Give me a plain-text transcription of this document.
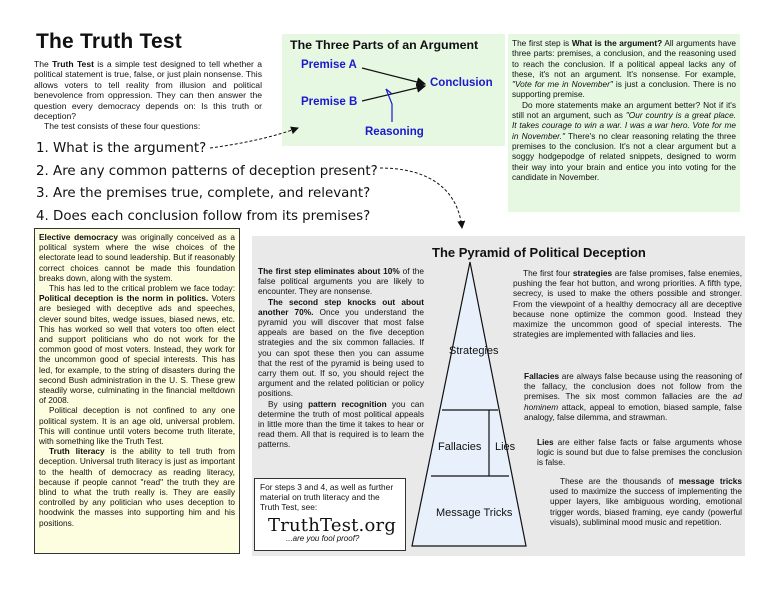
The Truth Test

The Truth Test is a simple test designed to tell whether a political statement is true, false, or just plain nonsense. This allows voters to tell reality from illusion and political benevolence from oppression. They can then answer the question every democracy depends on: Is this truth or deception?

The test consists of these four questions:

1. What is the argument?
2. Are any common patterns of deception present?
3. Are the premises true, complete, and relevant?
4. Does each conclusion follow from its premises?
The Three Parts of an Argument
Premise A
Premise B
Conclusion
Reasoning

The first step is What is the argument? All arguments have three parts: premises, a conclusion, and the reasoning used to reach the conclusion. If a political appeal lacks any of these, it's not an argument. It's nonsense. For example, "Vote for me in November" is just a conclusion. There is no supporting premise.

Do more statements make an argument better? Not if it's still not an argument, such as "Our country is a great place. It takes courage to win a war. I was a war hero. Vote for me in November." There's no clear reasoning relating the three premises to the conclusion. It's not a clear argument but a soggy hodgepodge of related snippets, designed to worm their way into your brain and entice you into voting for the candidate in November.

Elective democracy was originally conceived as a political system where the wise choices of the electorate lead to sound leadership. But if reasonably correct choices cannot be made this foundation breaks down, along with the system.

This has led to the critical problem we face today: Political deception is the norm in politics. Voters are besieged with deceptive ads and speeches, clever sound bites, wedge issues, biased news, etc. This has worked so well that voters too often elect and support politicians who do not work for the common good of most voters. Instead, they work for the uncommon good of special interests. This has led, for example, to the string of disasters during the second Bush administration in the U. S. These grew steadily worse, culminating in the financial meltdown of 2008.

Political deception is not confined to any one political system. It is an age old, universal problem. This will continue until voters become truth literate, with something like the Truth Test.

Truth literacy is the ability to tell truth from deception. Universal truth literacy is just as important to the health of democracy as reading literacy, because if people cannot "read" the truth they are blind to what the truth really is. They are easily controlled by any politician who uses deception to hoodwink the masses into supporting him and his positions.

The Pyramid of Political Deception
Strategies
Fallacies Lies
Message Tricks

The first step eliminates about 10% of the false political arguments you are likely to encounter. They are nonsense.

The second step knocks out about another 70%. Once you understand the pyramid you will discover that most false appeals are based on the five deception strategies and the six common fallacies. If you can spot these then you can assume that the rest of the pyramid is being used to carry them out. If so, you should reject the argument and the related politician or policy positions.

By using pattern recognition you can determine the truth of most political appeals in little more than the time it takes to hear or read them. All that is required is to learn the patterns.

For steps 3 and 4, as well as further material on truth literacy and the Truth Test, see:
TruthTest.org
...are you fool proof?

The first four strategies are false promises, false enemies, pushing the fear hot button, and wrong priorities. A fifth type, secrecy, is used to make the others possible and stronger. From the viewpoint of a healthy democracy all are deceptive because none optimize the common good. Instead they maximize the uncommon good of special interests. The strategies are implemented with fallacies and lies.

Fallacies are always false because using the reasoning of the fallacy, the conclusion does not follow from the premises. The six most common fallacies are the ad hominem attack, appeal to emotion, biased sample, false analogy, false dilemma, and strawman.

Lies are either false facts or false arguments whose logic is sound but due to false premises the conclusion is false.

These are the thousands of message tricks used to maximize the success of implementing the upper layers, like ambiguous wording, emotional trigger words, biased framing, eye candy (powerful visuals), subliminal mood music and repetition.
